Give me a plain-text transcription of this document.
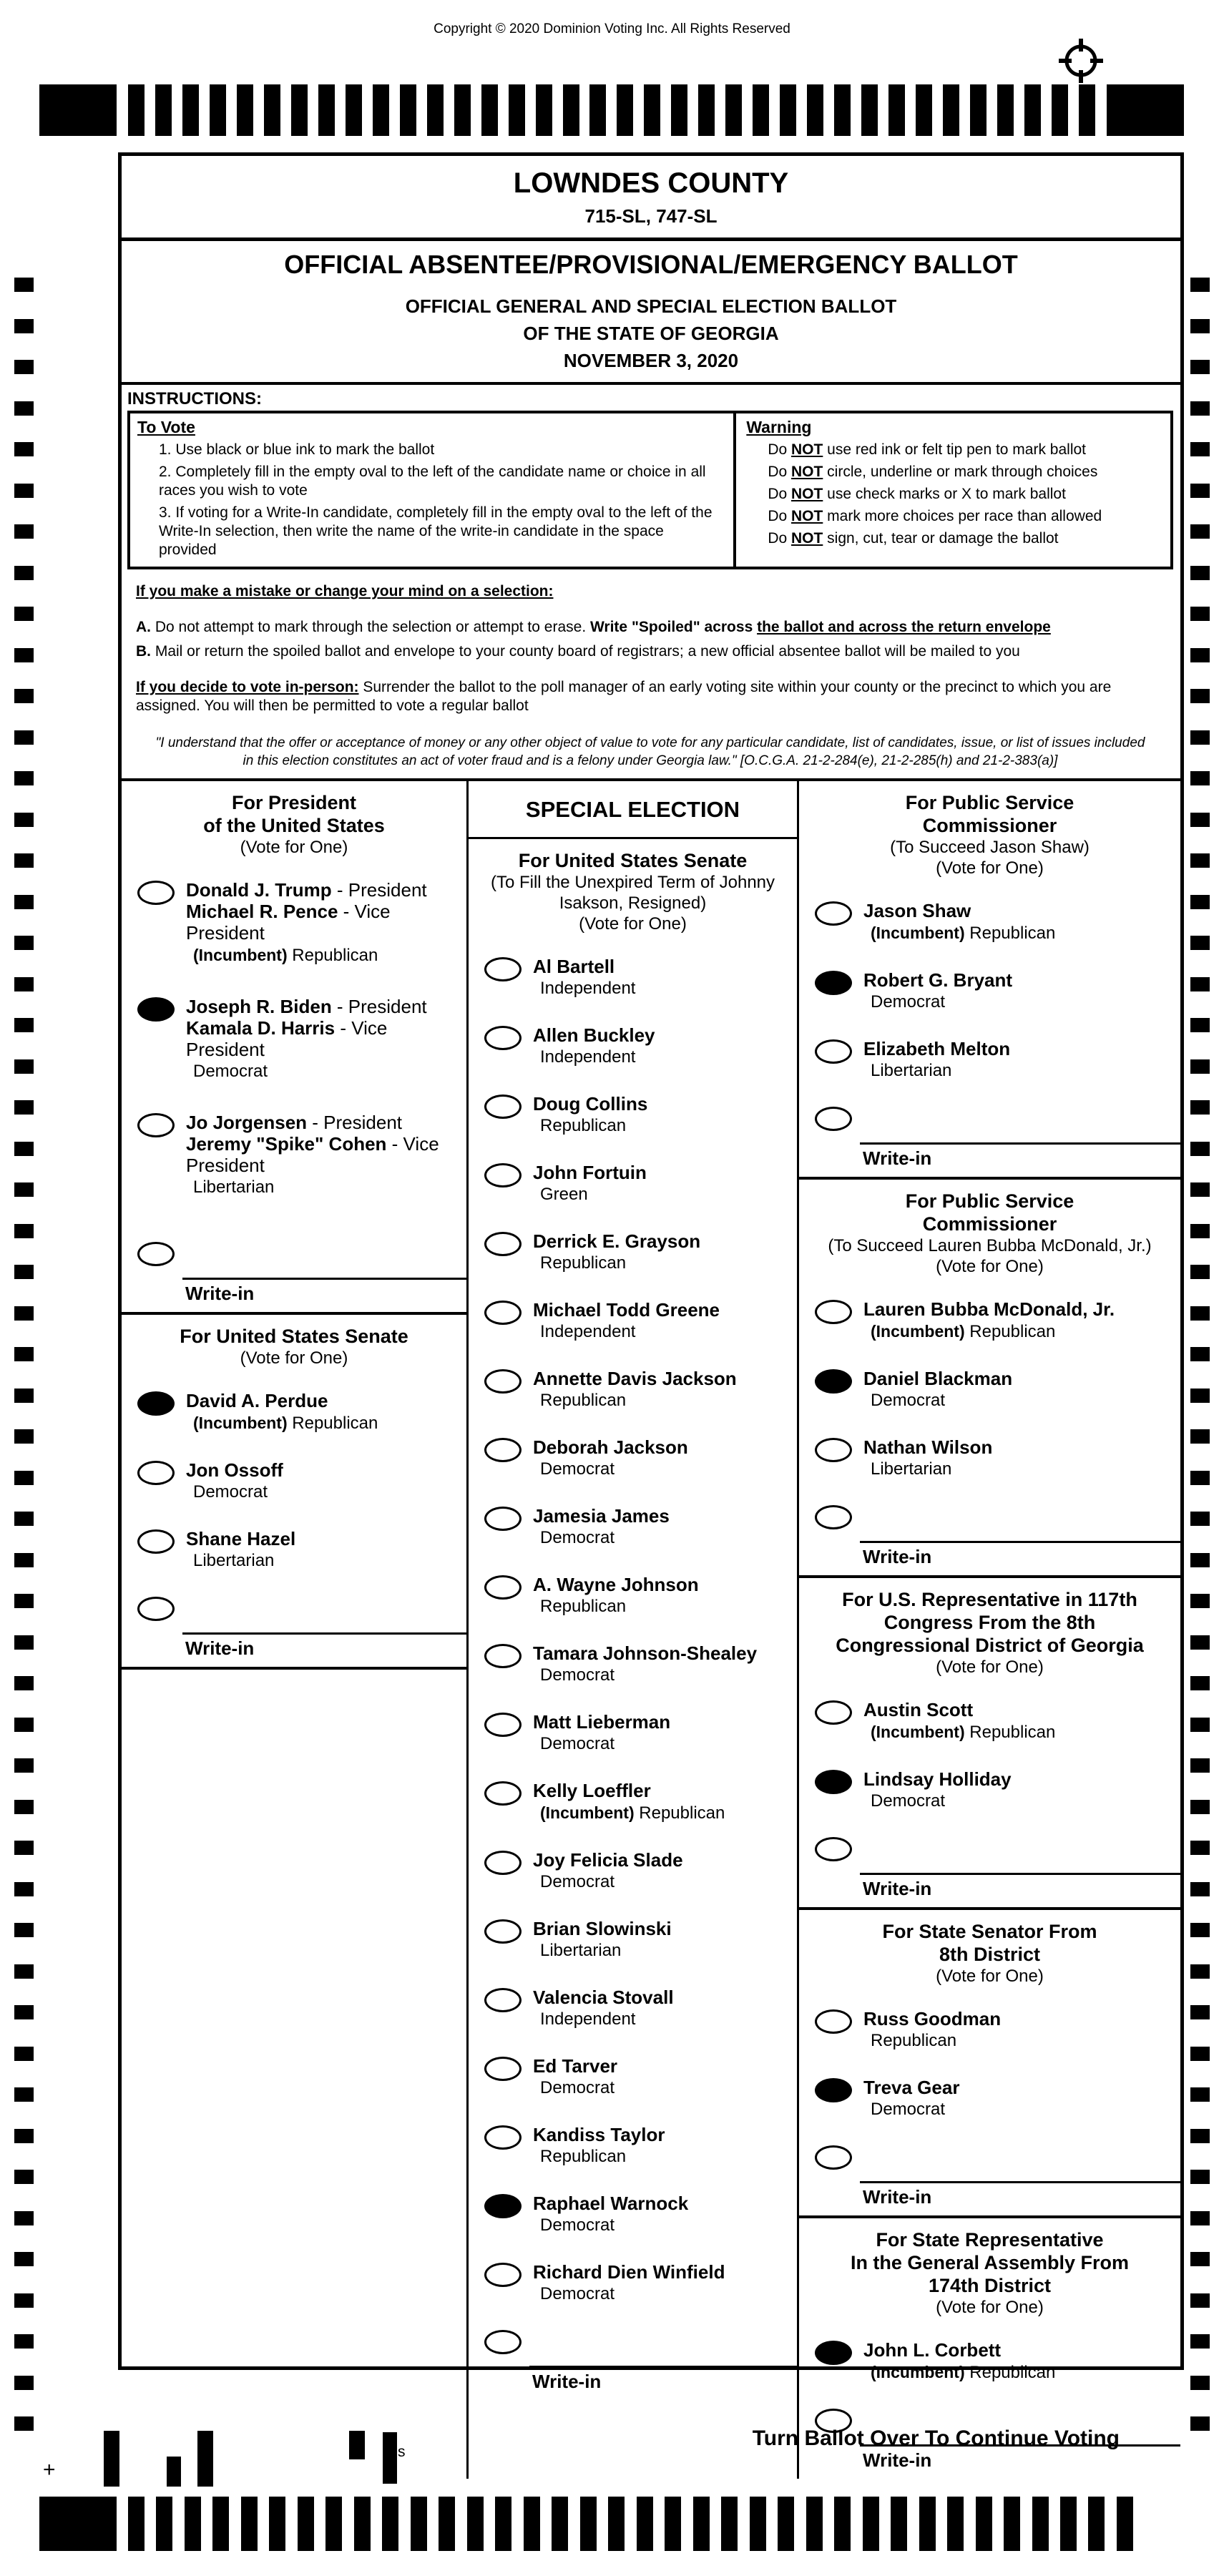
Copyright © 2020 Dominion Voting Inc. All Rights Reserved
LOWNDES COUNTY
715-SL, 747-SL
OFFICIAL ABSENTEE/PROVISIONAL/EMERGENCY BALLOT
OFFICIAL GENERAL AND SPECIAL ELECTION BALLOT
OF THE STATE OF GEORGIA
NOVEMBER 3, 2020
INSTRUCTIONS:
To Vote
1. Use black or blue ink to mark the ballot
2. Completely fill in the empty oval to the left of the candidate name or choice in all races you wish to vote
3. If voting for a Write-In candidate, completely fill in the empty oval to the left of the Write-In selection, then write the name of the write-in candidate in the space provided
Warning
Do NOT use red ink or felt tip pen to mark ballot
Do NOT circle, underline or mark through choices
Do NOT use check marks or X to mark ballot
Do NOT mark more choices per race than allowed
Do NOT sign, cut, tear or damage the ballot
If you make a mistake or change your mind on a selection:
A. Do not attempt to mark through the selection or attempt to erase. Write "Spoiled" across the ballot and across the return envelope
B. Mail or return the spoiled ballot and envelope to your county board of registrars; a new official absentee ballot will be mailed to you
If you decide to vote in-person: Surrender the ballot to the poll manager of an early voting site within your county or the precinct to which you are assigned. You will then be permitted to vote a regular ballot
"I understand that the offer or acceptance of money or any other object of value to vote for any particular candidate, list of candidates, issue, or list of issues included in this election constitutes an act of voter fraud and is a felony under Georgia law." [O.C.G.A. 21-2-284(e), 21-2-285(h) and 21-2-383(a)]
For President
of the United States
(Vote for One)
Donald J. Trump - President
Michael R. Pence - Vice President
(Incumbent) Republican
Joseph R. Biden - President
Kamala D. Harris - Vice President
Democrat
Jo Jorgensen - President
Jeremy "Spike" Cohen - Vice President
Libertarian
Write-in
For United States Senate
(Vote for One)
David A. Perdue
(Incumbent) Republican
Jon Ossoff
Democrat
Shane Hazel
Libertarian
Write-in
SPECIAL ELECTION
For United States Senate
(To Fill the Unexpired Term of Johnny
Isakson, Resigned)
(Vote for One)
Al Bartell
Independent
Allen Buckley
Independent
Doug Collins
Republican
John Fortuin
Green
Derrick E. Grayson
Republican
Michael Todd Greene
Independent
Annette Davis Jackson
Republican
Deborah Jackson
Democrat
Jamesia James
Democrat
A. Wayne Johnson
Republican
Tamara Johnson-Shealey
Democrat
Matt Lieberman
Democrat
Kelly Loeffler
(Incumbent) Republican
Joy Felicia Slade
Democrat
Brian Slowinski
Libertarian
Valencia Stovall
Independent
Ed Tarver
Democrat
Kandiss Taylor
Republican
Raphael Warnock
Democrat
Richard Dien Winfield
Democrat
Write-in
For Public Service
Commissioner
(To Succeed Jason Shaw)
(Vote for One)
Jason Shaw
(Incumbent) Republican
Robert G. Bryant
Democrat
Elizabeth Melton
Libertarian
Write-in
For Public Service
Commissioner
(To Succeed Lauren Bubba McDonald, Jr.)
(Vote for One)
Lauren Bubba McDonald, Jr.
(Incumbent) Republican
Daniel Blackman
Democrat
Nathan Wilson
Libertarian
Write-in
For U.S. Representative in 117th
Congress From the 8th
Congressional District of Georgia
(Vote for One)
Austin Scott
(Incumbent) Republican
Lindsay Holliday
Democrat
Write-in
For State Senator From
8th District
(Vote for One)
Russ Goodman
Republican
Treva Gear
Democrat
Write-in
For State Representative
In the General Assembly From
174th District
(Vote for One)
John L. Corbett
(Incumbent) Republican
Write-in
Turn Ballot Over To Continue Voting
+
s
